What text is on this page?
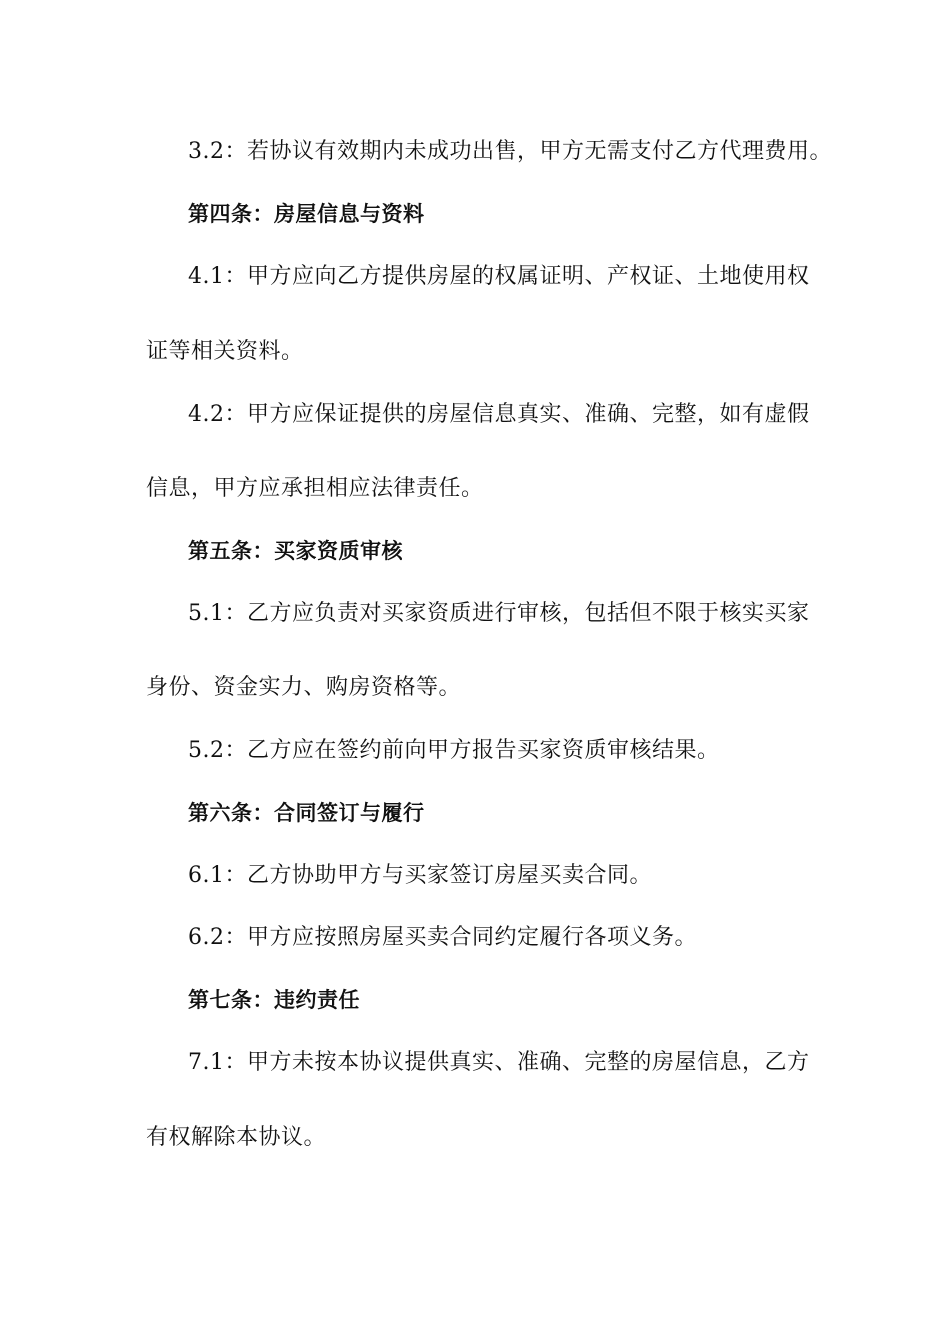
3.2：若协议有效期内未成功出售，甲方无需支付乙方代理费用。
第四条：房屋信息与资料
4.1：甲方应向乙方提供房屋的权属证明、产权证、土地使用权
证等相关资料。
4.2：甲方应保证提供的房屋信息真实、准确、完整，如有虚假
信息，甲方应承担相应法律责任。
第五条：买家资质审核
5.1：乙方应负责对买家资质进行审核，包括但不限于核实买家
身份、资金实力、购房资格等。
5.2：乙方应在签约前向甲方报告买家资质审核结果。
第六条：合同签订与履行
6.1：乙方协助甲方与买家签订房屋买卖合同。
6.2：甲方应按照房屋买卖合同约定履行各项义务。
第七条：违约责任
7.1：甲方未按本协议提供真实、准确、完整的房屋信息，乙方
有权解除本协议。
